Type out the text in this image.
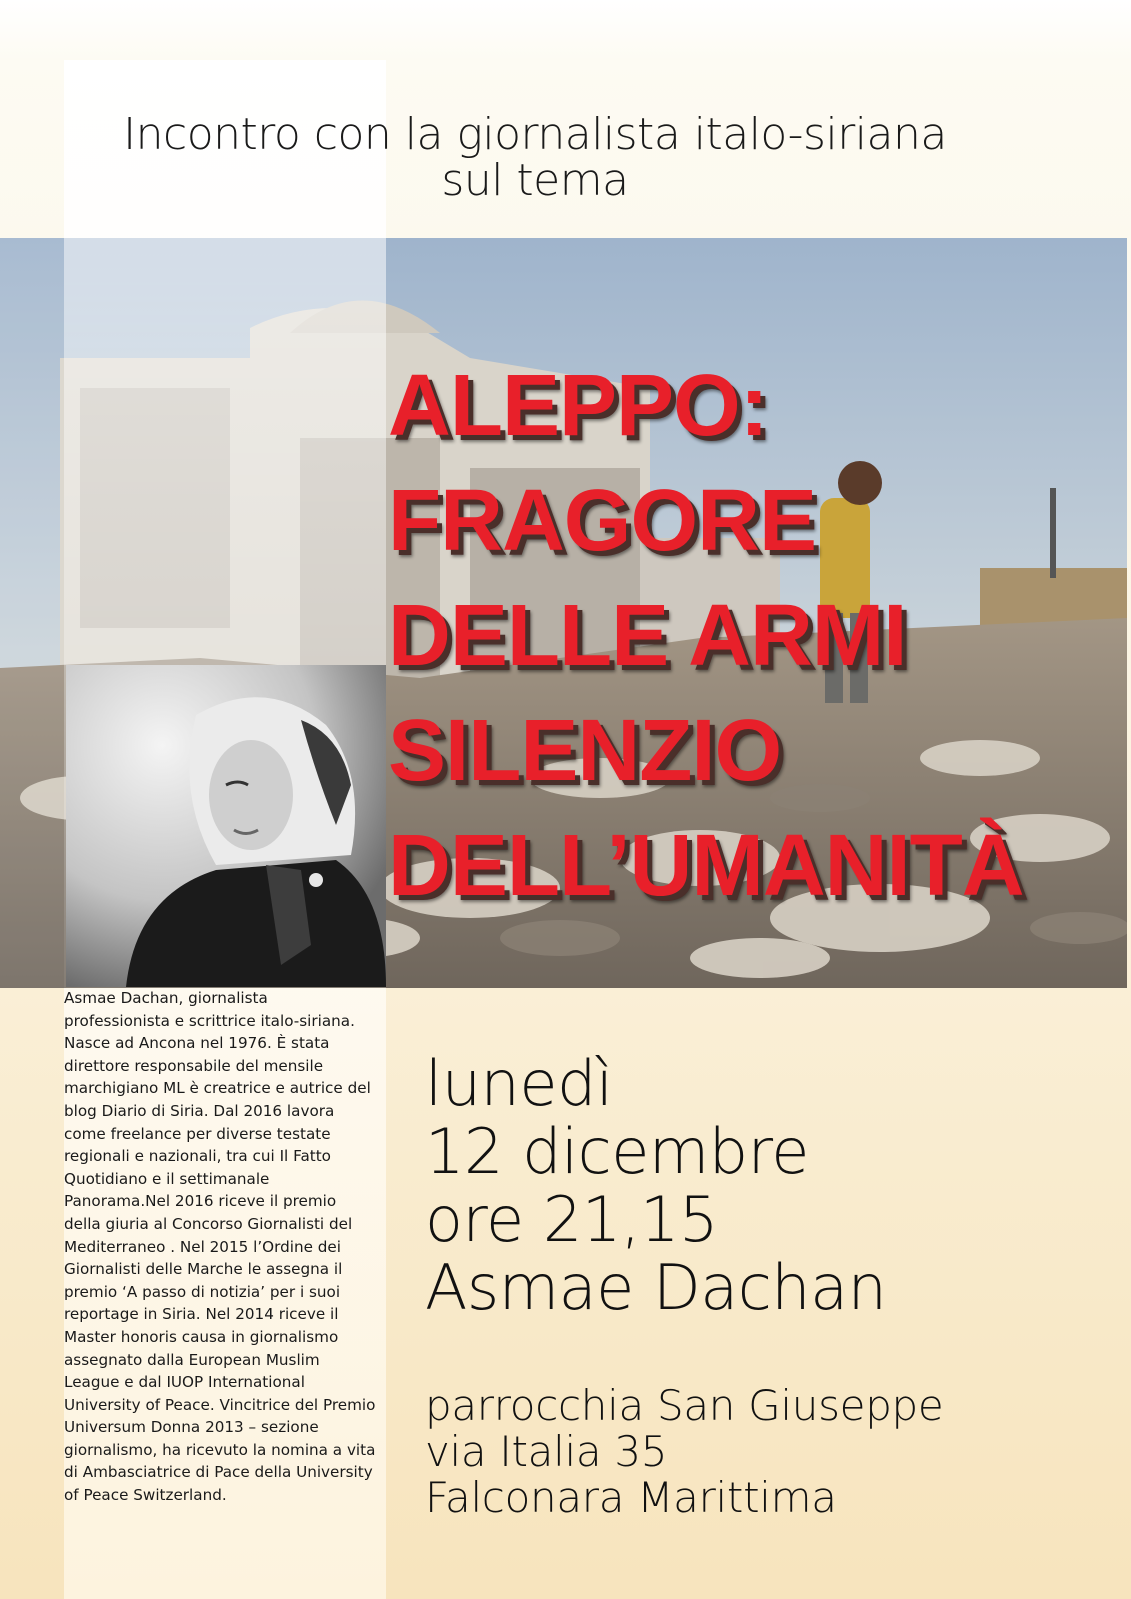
Incontro con la giornalista italo-siriana
sul tema
ALEPPO:
FRAGORE
DELLE ARMI
SILENZIO
DELL’UMANITÀ
Asmae Dachan, giornalista professionista e scrittrice italo-siriana. Nasce ad Ancona nel 1976. È stata direttore responsabile del mensile marchigiano ML è creatrice e autrice del blog Diario di Siria. Dal 2016 lavora come freelance per diverse testate regionali e nazionali, tra cui Il Fatto Quotidiano e il settimanale Panorama.Nel 2016 riceve il premio della giuria al Concorso Giornalisti del Mediterraneo . Nel 2015 l’Ordine dei Giornalisti delle Marche le assegna il premio ‘A passo di notizia’ per i suoi reportage in Siria. Nel 2014 riceve il Master honoris causa in giornalismo assegnato dalla European Muslim League e dal IUOP International University of Peace. Vincitrice del Premio Universum Donna 2013 – sezione giornalismo, ha ricevuto la nomina a vita di Ambasciatrice di Pace della University of Peace Switzerland.
lunedì
12 dicembre
ore 21,15
Asmae Dachan
parrocchia San Giuseppe
via Italia 35
Falconara Marittima
